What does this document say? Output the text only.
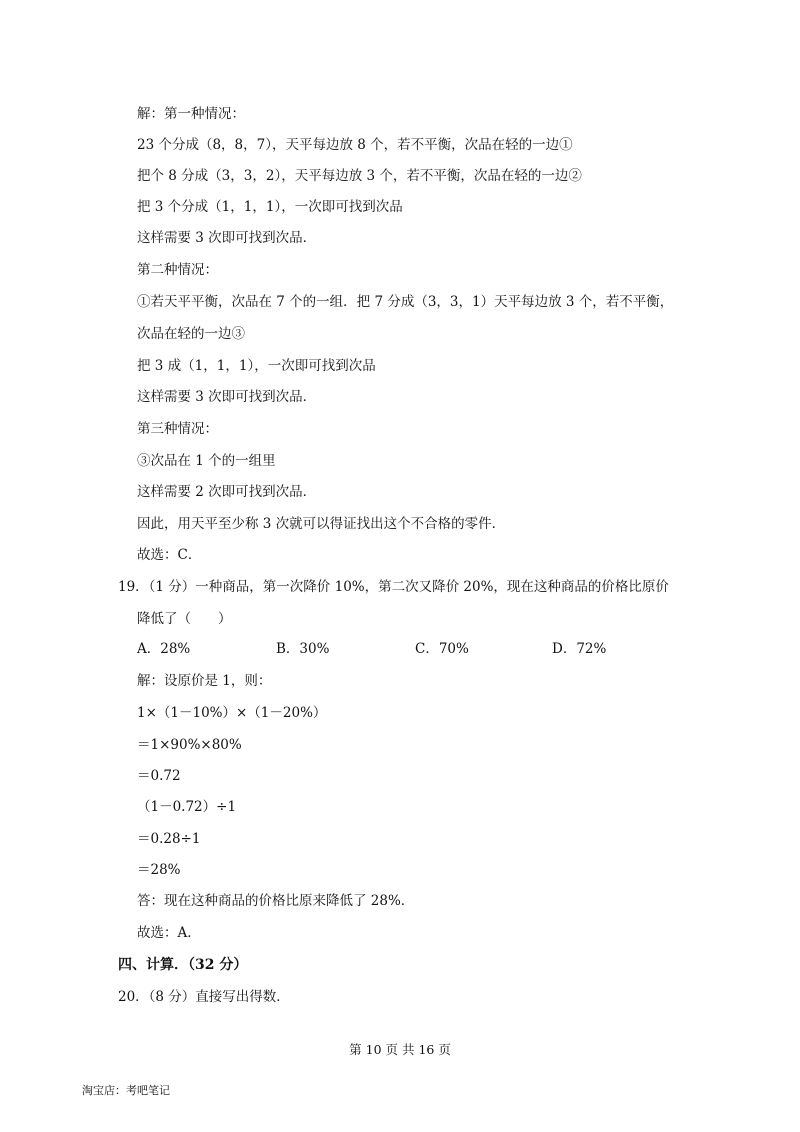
解：第一种情况：
23 个分成（8，8，7），天平每边放 8 个，若不平衡，次品在轻的一边①
把个 8 分成（3，3，2），天平每边放 3 个，若不平衡，次品在轻的一边②
把 3 个分成（1，1，1），一次即可找到次品
这样需要 3 次即可找到次品．
第二种情况：
①若天平平衡，次品在 7 个的一组．把 7 分成（3，3，1）天平每边放 3 个，若不平衡，
次品在轻的一边③
把 3 成（1，1，1），一次即可找到次品
这样需要 3 次即可找到次品．
第三种情况：
③次品在 1 个的一组里
这样需要 2 次即可找到次品．
因此，用天平至少称 3 次就可以得证找出这个不合格的零件．
故选：C．
19．（1 分）一种商品，第一次降价 10%，第二次又降价 20%，现在这种商品的价格比原价
降低了（　　）
A．28%	B．30%	C．70%	D．72%
解：设原价是 1，则：
1×（1－10%）×（1－20%）
＝1×90%×80%
＝0.72
（1－0.72）÷1
＝0.28÷1
＝28%
答：现在这种商品的价格比原来降低了 28%．
故选：A．
四、计算．（32 分）
20．（8 分）直接写出得数．
第 10 页 共 16 页
淘宝店：考吧笔记
